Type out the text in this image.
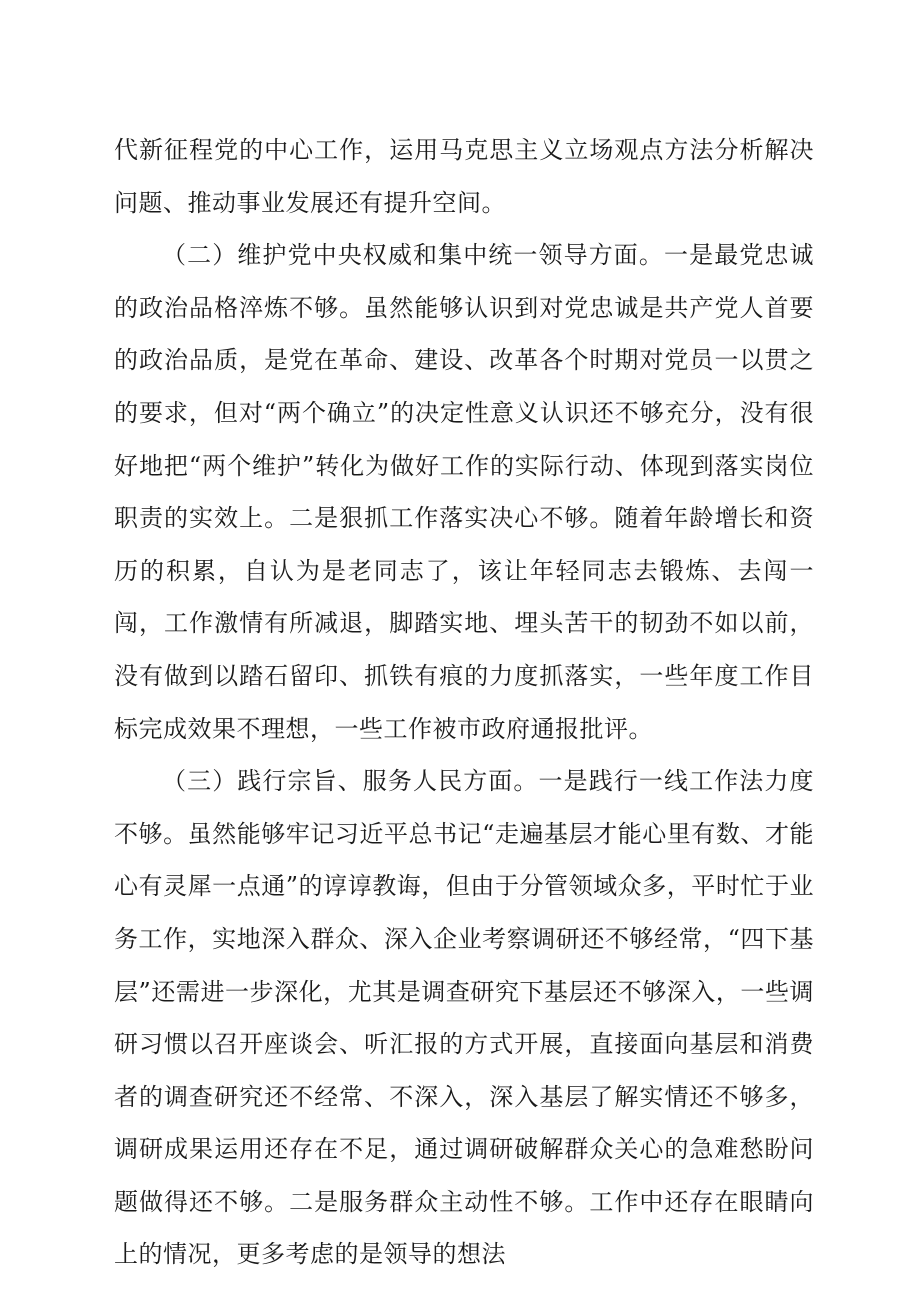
代新征程党的中心工作，运用马克思主义立场观点方法分析解决问题、推动事业发展还有提升空间。

（二）维护党中央权威和集中统一领导方面。一是最党忠诚的政治品格淬炼不够。虽然能够认识到对党忠诚是共产党人首要的政治品质，是党在革命、建设、改革各个时期对党员一以贯之的要求，但对“两个确立”的决定性意义认识还不够充分，没有很好地把“两个维护”转化为做好工作的实际行动、体现到落实岗位职责的实效上。二是狠抓工作落实决心不够。随着年龄增长和资历的积累，自认为是老同志了，该让年轻同志去锻炼、去闯一闯，工作激情有所减退，脚踏实地、埋头苦干的韧劲不如以前，没有做到以踏石留印、抓铁有痕的力度抓落实，一些年度工作目标完成效果不理想，一些工作被市政府通报批评。

（三）践行宗旨、服务人民方面。一是践行一线工作法力度不够。虽然能够牢记习近平总书记“走遍基层才能心里有数、才能心有灵犀一点通”的谆谆教诲，但由于分管领域众多，平时忙于业务工作，实地深入群众、深入企业考察调研还不够经常，“四下基层”还需进一步深化，尤其是调查研究下基层还不够深入，一些调研习惯以召开座谈会、听汇报的方式开展，直接面向基层和消费者的调查研究还不经常、不深入，深入基层了解实情还不够多，调研成果运用还存在不足，通过调研破解群众关心的急难愁盼问题做得还不够。二是服务群众主动性不够。工作中还存在眼睛向上的情况，更多考虑的是领导的想法
